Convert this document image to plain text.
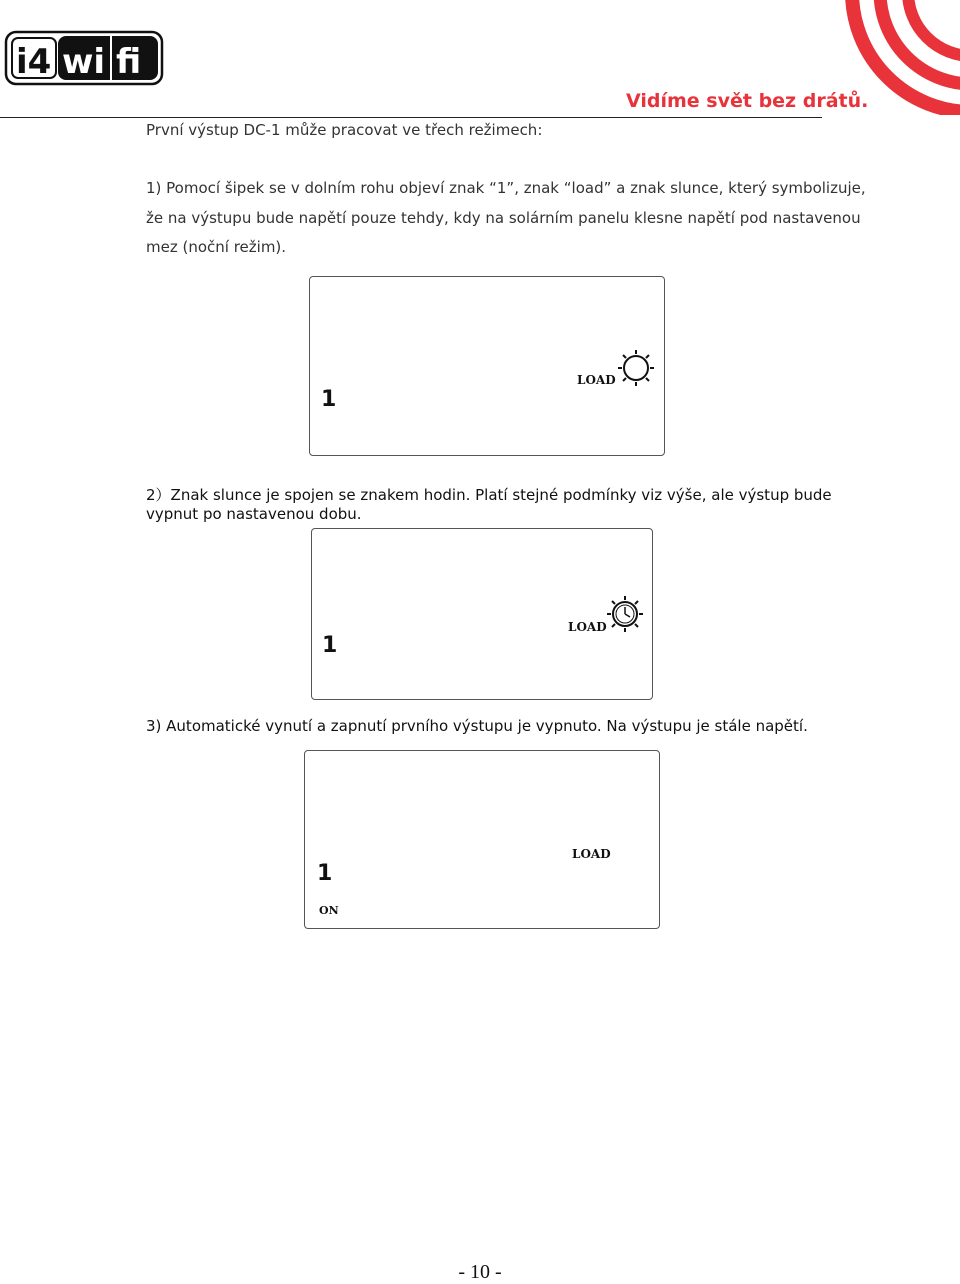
i4 wi fi
Vidíme svět bez drátů.
První výstup DC-1 může pracovat ve třech režimech:
1) Pomocí šipek se v dolním rohu objeví znak “1”, znak “load” a znak slunce, který symbolizuje,
že na výstupu bude napětí pouze tehdy, kdy na solárním panelu klesne napětí pod nastavenou
mez (noční režim).
1
LOAD
2）Znak slunce je spojen se znakem hodin. Platí stejné podmínky viz výše, ale výstup bude
vypnut po nastavenou dobu.
1
LOAD
3) Automatické vynutí a zapnutí prvního výstupu je vypnuto. Na výstupu je stále napětí.
1
LOAD
ON
- 10 -
